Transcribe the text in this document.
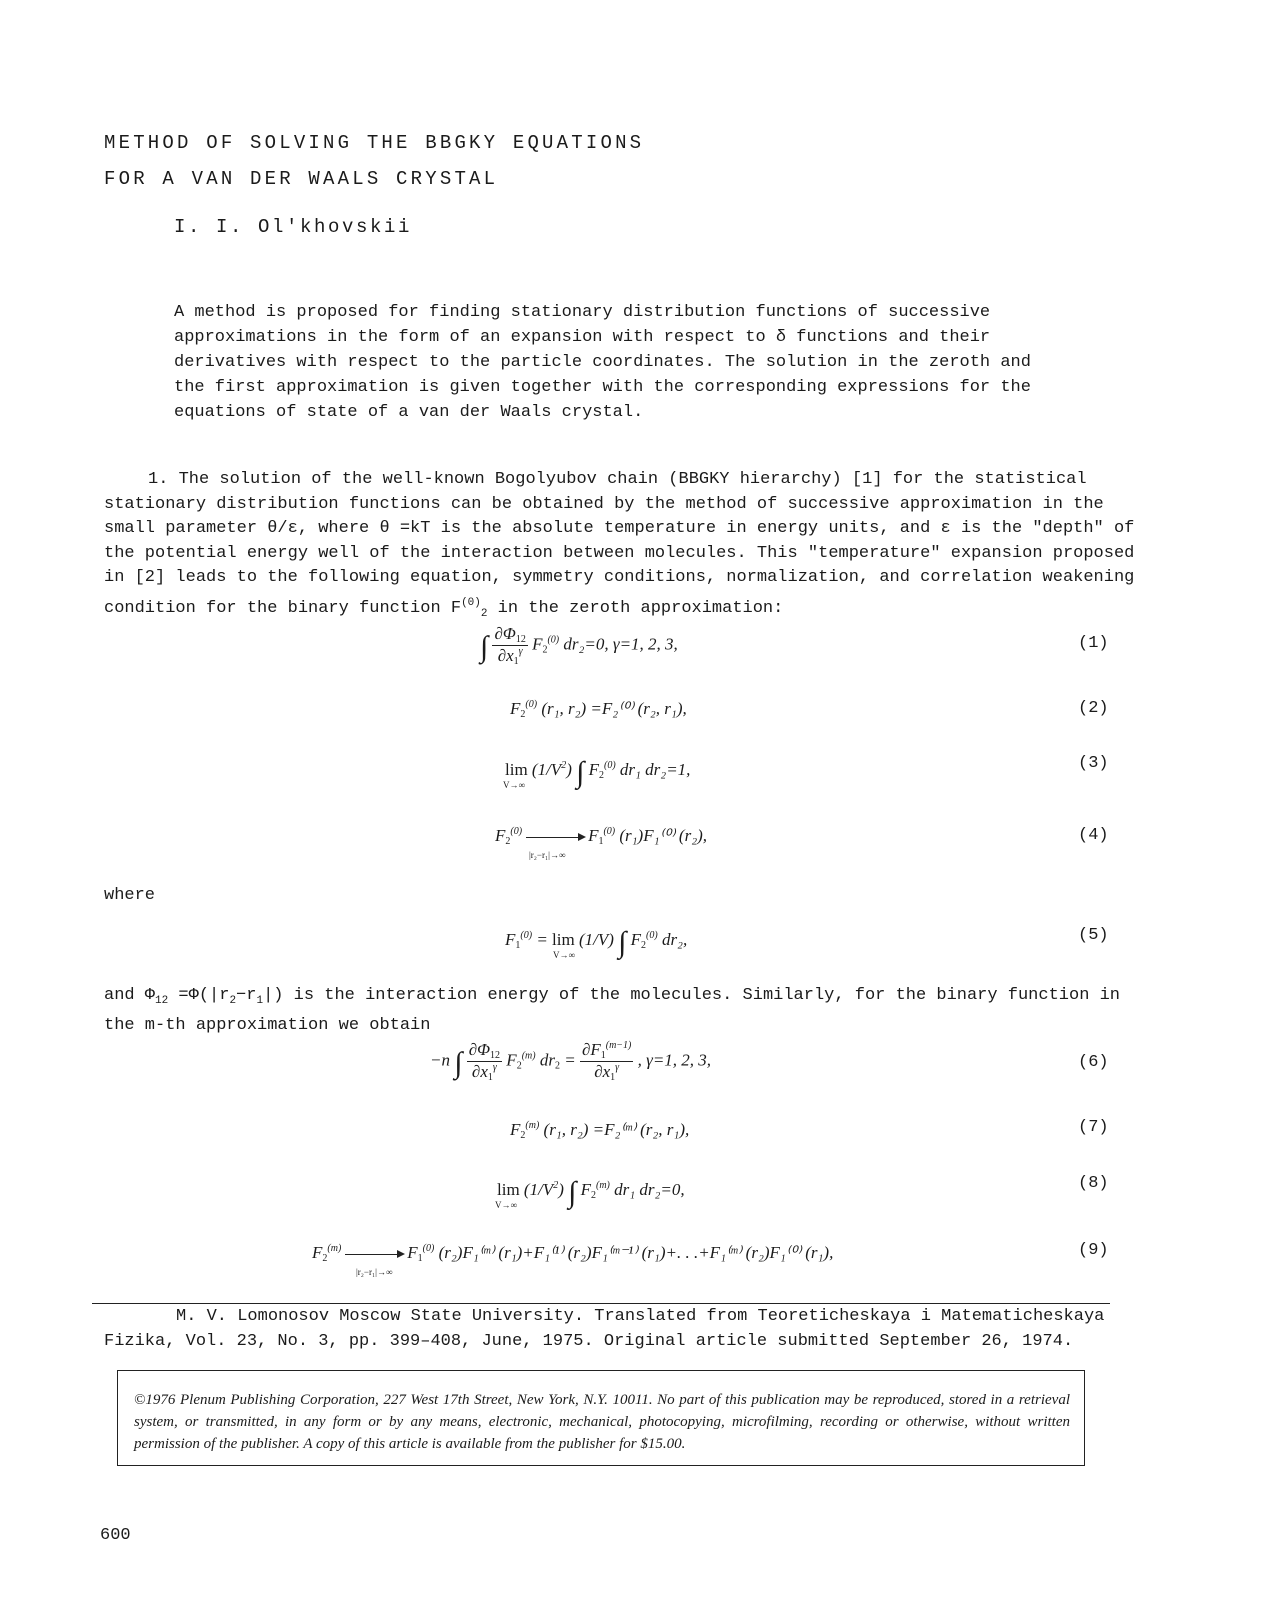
METHOD OF SOLVING THE BBGKY EQUATIONS
FOR A VAN DER WAALS CRYSTAL
I. I. Ol'khovskii

A method is proposed for finding stationary distribution functions of successive approximations in the form of an expansion with respect to δ functions and their derivatives with respect to the particle coordinates. The solution in the zeroth and the first approximation is given together with the corresponding expressions for the equations of state of a van der Waals crystal.

1. The solution of the well-known Bogolyubov chain (BBGKY hierarchy) [1] for the statistical stationary distribution functions can be obtained by the method of successive approximation in the small parameter θ/ε, where θ =kT is the absolute temperature in energy units, and ε is the "depth" of the potential energy well of the interaction between molecules. This "temperature" expansion proposed in [2] leads to the following equation, symmetry conditions, normalization, and correlation weakening condition for the binary function $F^{(0)}_2$ in the zeroth approximation:

∫ $\frac{\partial\Phi 12}{\partial x1^\gamma} F2^{(0)}$ dr₂=0, γ=1, 2, 3,	(1)
F2$^{(0)}$ (r₁, r₂) =F₂⁽⁰⁾ (r₂, r₁),	(2)
$\lim (1/V^2)$ ∫ F2$^{(0)}$ dr₁ dr₂=1,
V→∞
(3)
F2$^{(0)}$	F1$^{(0)}$ (r₁)F₁⁽⁰⁾ (r₂),
|r₂−r₁|→∞
(4)
where
$F1^{(0)} = \lim (1/V)$ ∫ F2$^{(0)}$ dr₂,
V→∞
(5)

and $\Phi_{12} =\Phi(|r_2-r_1|)$ is the interaction energy of the molecules. Similarly, for the binary function in the m-th approximation we obtain

−n ∫ $\frac{\partial\Phi 12}{\partial x1^\gamma} F2^{(m)}$ $dr2 = \frac{\partial F1^{(m-1)}}{\partial x1^\gamma}$ , γ=1, 2, 3,	(6)
F2$^{(m)}$ (r₁, r₂) =F₂⁽ᵐ⁾ (r₂, r₁),	(7)
$\lim (1/V^2)$ ∫ F2$^{(m)}$ dr₁ dr₂=0,
V→∞
(8)
F2$^{(m)}$	F1$^{(0)}$ (r₂)F₁⁽ᵐ⁾ (r₁)+F₁⁽¹⁾ (r₂)F₁⁽ᵐ⁻¹⁾ (r₁)+. . .+F₁⁽ᵐ⁾ (r₂)F₁⁽⁰⁾ (r₁),
|r₂−r₁|→∞
(9)

M. V. Lomonosov Moscow State University. Translated from Teoreticheskaya i Matematicheskaya

Fizika, Vol. 23, No. 3, pp. 399–408, June, 1975. Original article submitted September 26, 1974.

©1976 Plenum Publishing Corporation, 227 West 17th Street, New York, N.Y. 10011. No part of this publication may be reproduced, stored in a retrieval system, or transmitted, in any form or by any means, electronic, mechanical, photocopying, microfilming, recording or otherwise, without written permission of the publisher. A copy of this article is available from the publisher for $15.00.
600
